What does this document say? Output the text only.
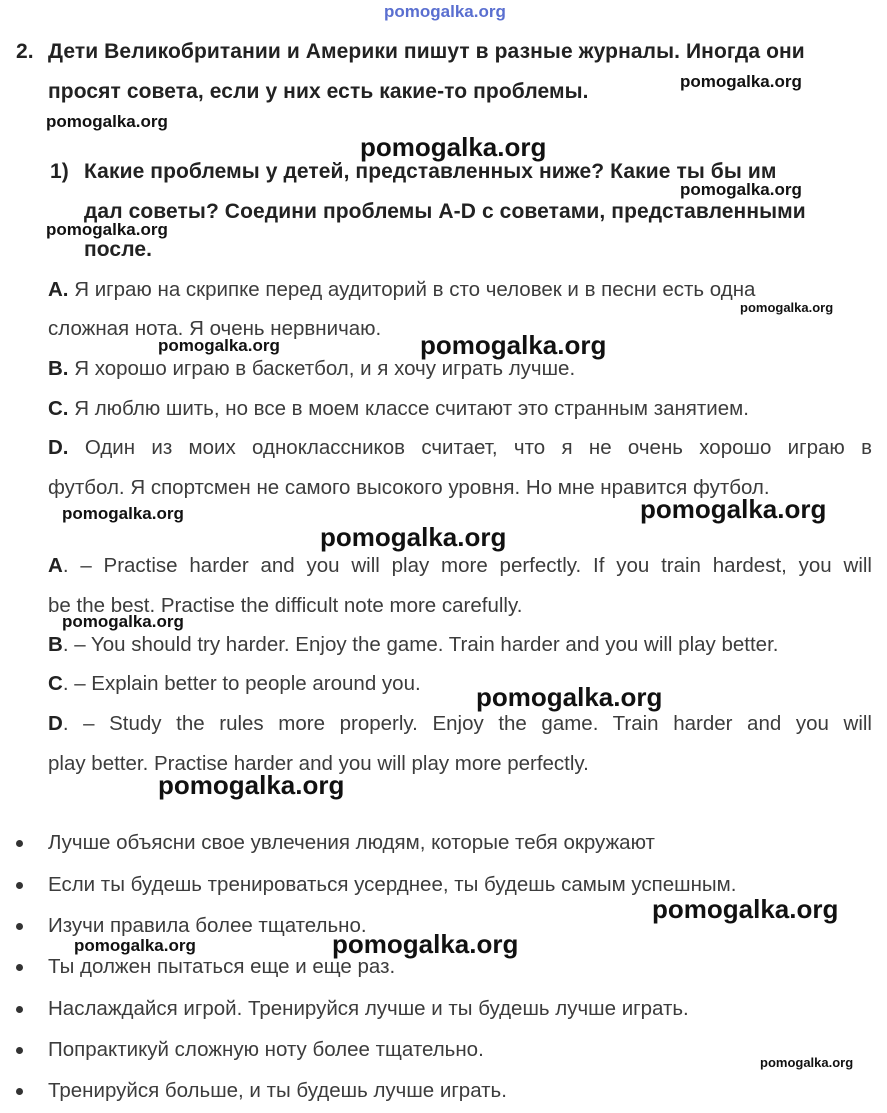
pomogalka.org
2. Дети Великобритании и Америки пишут в разные журналы. Иногда они
просят совета, если у них есть какие-то проблемы.	pomogalka.org
pomogalka.org
pomogalka.org
1) Какие проблемы у детей, представленных ниже? Какие ты бы им
pomogalka.org
дал советы? Соедини проблемы A-D с советами, представленными
pomogalka.org
после.
A. Я играю на скрипке перед аудиторий в сто человек и в песни есть одна
pomogalka.org
сложная нота. Я очень нервничаю.
pomogalka.org	pomogalka.org
B. Я хорошо играю в баскетбол, и я хочу играть лучше.
C. Я люблю шить, но все в моем классе считают это странным занятием.
D. Один из моих одноклассников считает, что я не очень хорошо играю в
футбол. Я спортсмен не самого высокого уровня. Но мне нравится футбол.
pomogalka.org	pomogalka.org
pomogalka.org
A. – Practise harder and you will play more perfectly. If you train hardest, you will
be the best. Practise the difficult note more carefully.
pomogalka.org
B. – You should try harder. Enjoy the game. Train harder and you will play better.
C. – Explain better to people around you. pomogalka.org
D. – Study the rules more properly. Enjoy the game. Train harder and you will
play better. Practise harder and you will play more perfectly.
pomogalka.org
Лучше объясни свое увлечения людям, которые тебя окружают
Если ты будешь тренироваться усерднее, ты будешь самым успешным.
pomogalka.org
Изучи правила более тщательно.
pomogalka.org	pomogalka.org
Ты должен пытаться еще и еще раз.
Наслаждайся игрой. Тренируйся лучше и ты будешь лучше играть.
Попрактикуй сложную ноту более тщательно.
pomogalka.org
Тренируйся больше, и ты будешь лучше играть.
